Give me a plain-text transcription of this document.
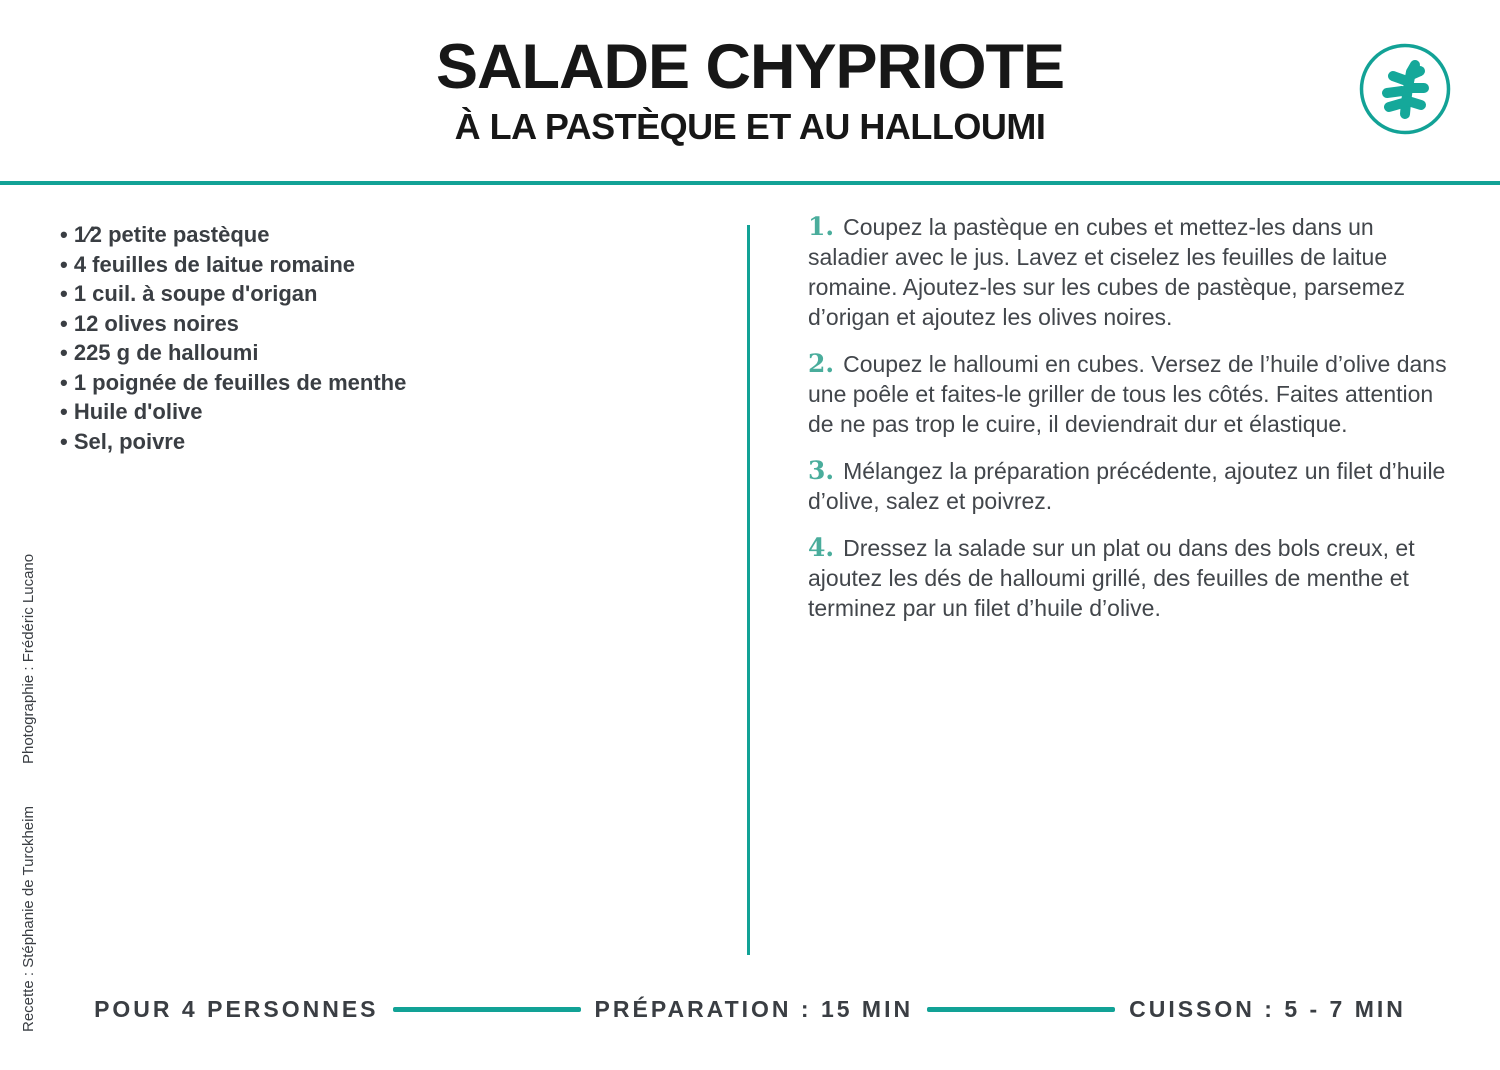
SALADE CHYPRIOTE
À LA PASTÈQUE ET AU HALLOUMI
• 1⁄2 petite pastèque
• 4 feuilles de laitue romaine
• 1 cuil. à soupe d'origan
• 12 olives noires
• 225 g de halloumi
• 1 poignée de feuilles de menthe
• Huile d'olive
• Sel, poivre

1. Coupez la pastèque en cubes et mettez-les dans un saladier avec le jus. Lavez et ciselez les feuilles de laitue romaine. Ajoutez-les sur les cubes de pastèque, parsemez d’origan et ajoutez les olives noires.

2. Coupez le halloumi en cubes. Versez de l’huile d’olive dans une poêle et faites-le griller de tous les côtés. Faites attention de ne pas trop le cuire, il deviendrait dur et élastique.

3. Mélangez la préparation précédente, ajoutez un filet d’huile d’olive, salez et poivrez.

4. Dressez la salade sur un plat ou dans des bols creux, et ajoutez les dés de halloumi grillé, des feuilles de menthe et terminez par un filet d’huile d’olive.

POUR 4 PERSONNES	PRÉPARATION : 15 MIN	CUISSON : 5 - 7 MIN
Recette : Stéphanie de TurckheimPhotographie : Frédéric Lucano
